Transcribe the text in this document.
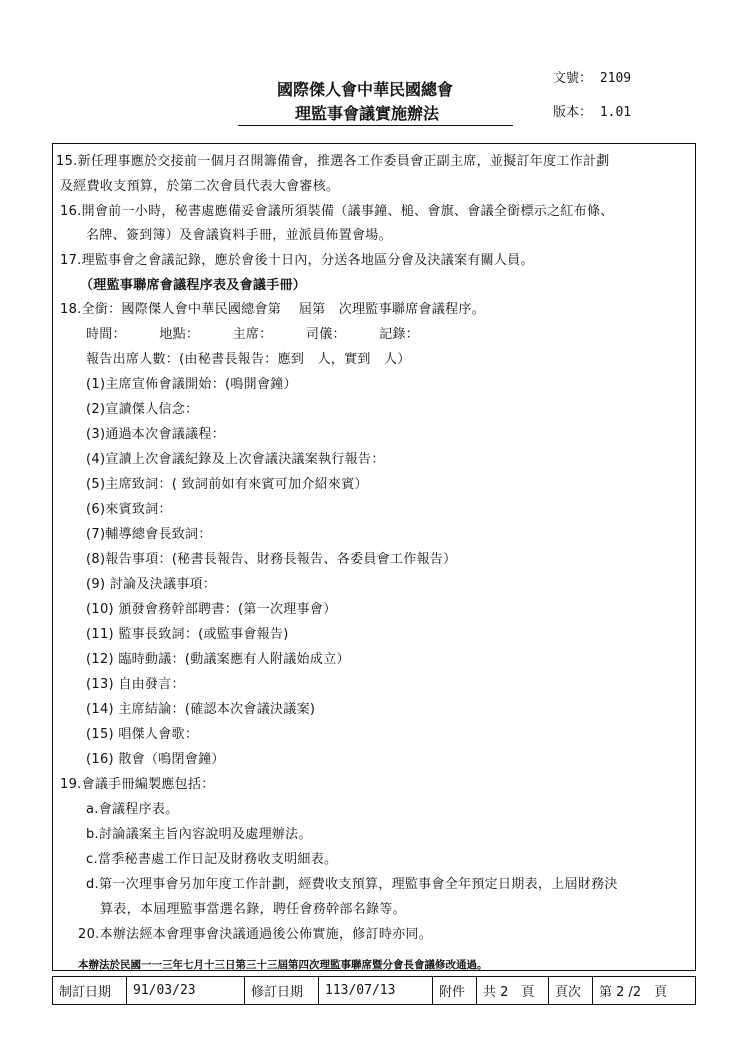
國際傑人會中華民國總會
理監事會議實施辦法
文號： 2109
版本： 1.01
15.新任理事應於交接前一個月召開籌備會，推選各工作委員會正副主席，並擬訂年度工作計劃
及經費收支預算，於第二次會員代表大會審核。
16.開會前一小時，秘書處應備妥會議所須裝備（議事鐘、槌、會旗、會議全銜標示之紅布條、
名牌、簽到簿）及會議資料手冊，並派員佈置會場。
17.理監事會之會議記錄，應於會後十日內，分送各地區分會及決議案有關人員。
（理監事聯席會議程序表及會議手冊）
18.全銜：國際傑人會中華民國總會第　 屆第　次理監事聯席會議程序。
時間：　　　地點：　　　主席：　　　司儀：　　　記錄：
報告出席人數：(由秘書長報告：應到　人，實到　人）
(1)主席宣佈會議開始：(鳴開會鐘）
(2)宣讀傑人信念：
(3)通過本次會議議程：
(4)宣讀上次會議紀錄及上次會議決議案執行報告：
(5)主席致詞：( 致詞前如有來賓可加介紹來賓）
(6)來賓致詞：
(7)輔導總會長致詞：
(8)報告事項：(秘書長報告、財務長報告、各委員會工作報告）
(9) 討論及決議事項：
(10) 頒發會務幹部聘書：(第一次理事會）
(11) 監事長致詞：(或監事會報告)
(12) 臨時動議：(動議案應有人附議始成立）
(13) 自由發言：
(14) 主席結論：(確認本次會議決議案)
(15) 唱傑人會歌：
(16) 散會（鳴閉會鐘）
19.會議手冊編製應包括：
a.會議程序表。
b.討論議案主旨內容說明及處理辦法。
c.當季秘書處工作日記及財務收支明細表。
d.第一次理事會另加年度工作計劃，經費收支預算，理監事會全年預定日期表，上屆財務決
算表，本屆理監事當選名錄，聘任會務幹部名錄等。
20.本辦法經本會理事會決議通過後公佈實施，修訂時亦同。
本辦法於民國一一三年七月十三日第三十三屆第四次理監事聯席暨分會長會議修改通過。
制訂日期	91/03/23	修訂日期	113/07/13	附件	共 2　頁	頁次	第 2 /2　頁
